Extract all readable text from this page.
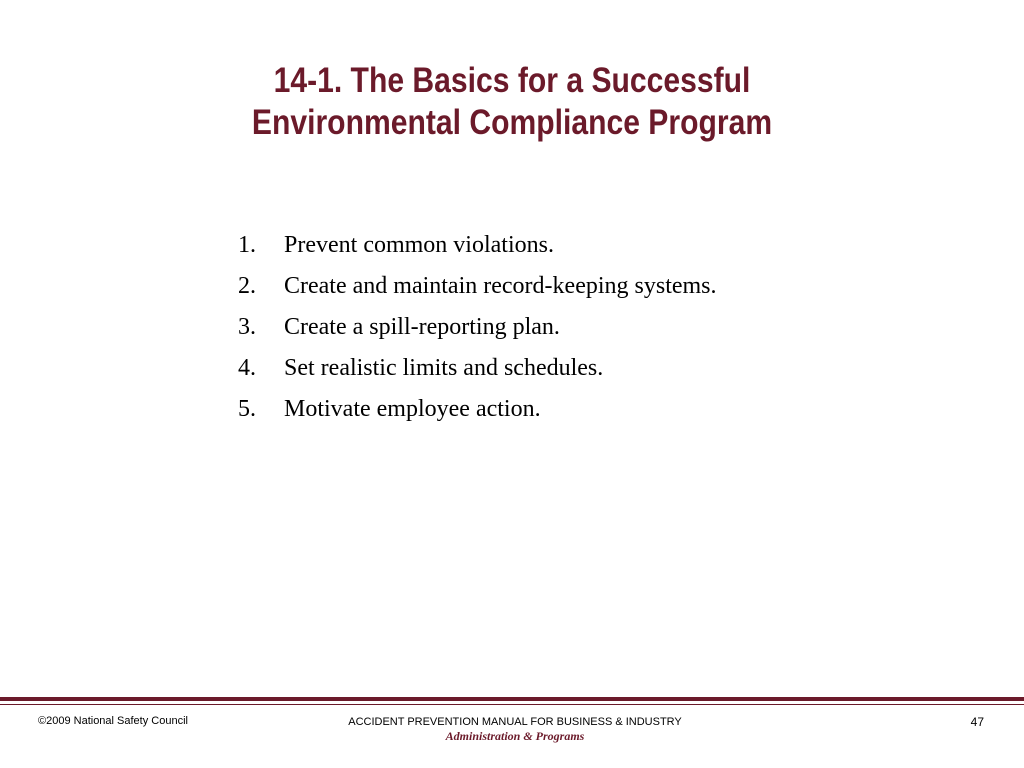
14-1. The Basics for a Successful
Environmental Compliance Program
1.	Prevent common violations.
2.	Create and maintain record-keeping systems.
3.	Create a spill-reporting plan.
4.	Set realistic limits and schedules.
5.	Motivate employee action.
©2009 National Safety Council	ACCIDENT PREVENTION MANUAL FOR BUSINESS & INDUSTRY
Administration & Programs
47
